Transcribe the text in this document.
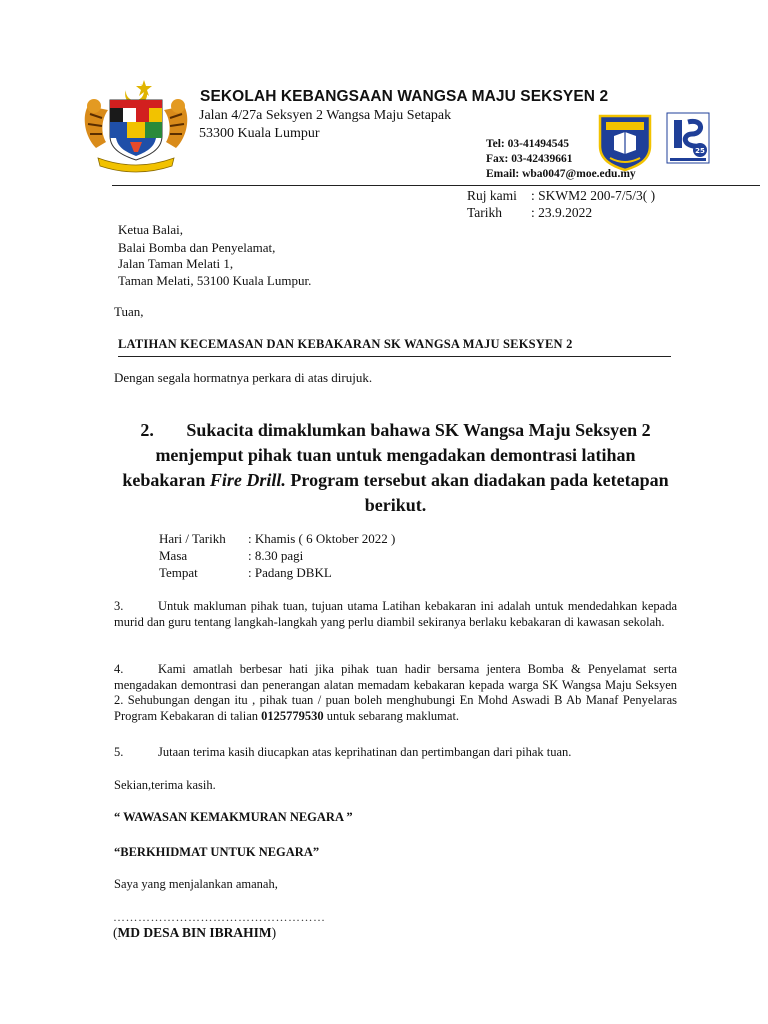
SEKOLAH KEBANGSAAN WANGSA MAJU SEKSYEN 2
Jalan 4/27a Seksyen 2 Wangsa Maju Setapak
53300 Kuala Lumpur
Tel: 03-41494545
Fax: 03-42439661
Email: wba0047@moe.edu.my
25
Ruj kami : SKWM2 200-7/5/3( )
Tarikh : 23.9.2022
Ketua Balai,
Balai Bomba dan Penyelamat,
Jalan Taman Melati 1,
Taman Melati, 53100 Kuala Lumpur.
Tuan,
LATIHAN KECEMASAN DAN KEBAKARAN SK WANGSA MAJU SEKSYEN 2
Dengan segala hormatnya perkara di atas dirujuk.
2. Sukacita dimaklumkan bahawa SK Wangsa Maju Seksyen 2 menjemput pihak tuan untuk mengadakan demontrasi latihan kebakaran Fire Drill. Program tersebut akan diadakan pada ketetapan berikut.
Hari / Tarikh : Khamis ( 6 Oktober 2022 )
Masa	: 8.30 pagi
Tempat	: Padang DBKL
3.	Untuk makluman pihak tuan, tujuan utama Latihan kebakaran ini adalah untuk mendedahkan kepada murid dan guru tentang langkah-langkah yang perlu diambil sekiranya berlaku kebakaran di kawasan sekolah.
4.	Kami amatlah berbesar hati jika pihak tuan hadir bersama jentera Bomba & Penyelamat serta mengadakan demontrasi dan penerangan alatan memadam kebakaran kepada warga SK Wangsa Maju Seksyen 2. Sehubungan dengan itu , pihak tuan / puan boleh menghubungi En Mohd Aswadi B Ab Manaf Penyelaras Program Kebakaran di talian 0125779530 untuk sebarang maklumat.
5.	Jutaan terima kasih diucapkan atas keprihatinan dan pertimbangan dari pihak tuan.
Sekian,terima kasih.
“ WAWASAN KEMAKMURAN NEGARA ”
“BERKHIDMAT UNTUK NEGARA”
Saya yang menjalankan amanah,
……………………………………………
(MD DESA BIN IBRAHIM)
